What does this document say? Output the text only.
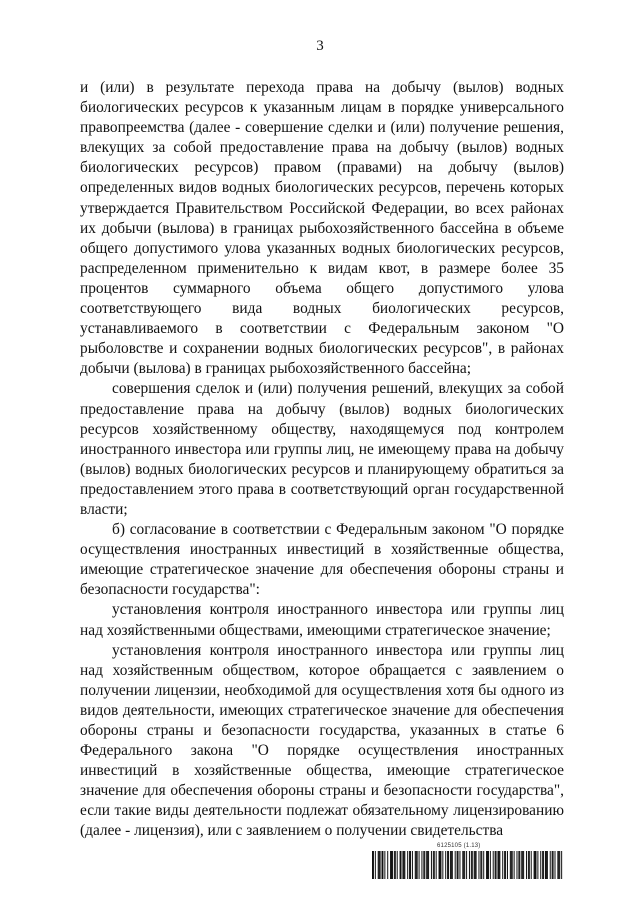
3

и (или) в результате перехода права на добычу (вылов) водных биологических ресурсов к указанным лицам в порядке универсального правопреемства (далее - совершение сделки и (или) получение решения, влекущих за собой предоставление права на добычу (вылов) водных биологических ресурсов) правом (правами) на добычу (вылов) определенных видов водных биологических ресурсов, перечень которых утверждается Правительством Российской Федерации, во всех районах их добычи (вылова) в границах рыбохозяйственного бассейна в объеме общего допустимого улова указанных водных биологических ресурсов, распределенном применительно к видам квот, в размере более 35 процентов суммарного объема общего допустимого улова соответствующего вида водных биологических ресурсов, устанавливаемого в соответствии с Федеральным законом "О рыболовстве и сохранении водных биологических ресурсов", в районах добычи (вылова) в границах рыбохозяйственного бассейна;

совершения сделок и (или) получения решений, влекущих за собой предоставление права на добычу (вылов) водных биологических ресурсов хозяйственному обществу, находящемуся под контролем иностранного инвестора или группы лиц, не имеющему права на добычу (вылов) водных биологических ресурсов и планирующему обратиться за предоставлением этого права в соответствующий орган государственной власти;

б) согласование в соответствии с Федеральным законом "О порядке осуществления иностранных инвестиций в хозяйственные общества, имеющие стратегическое значение для обеспечения обороны страны и безопасности государства":

установления контроля иностранного инвестора или группы лиц над хозяйственными обществами, имеющими стратегическое значение;

установления контроля иностранного инвестора или группы лиц над хозяйственным обществом, которое обращается с заявлением о получении лицензии, необходимой для осуществления хотя бы одного из видов деятельности, имеющих стратегическое значение для обеспечения обороны страны и безопасности государства, указанных в статье 6 Федерального закона "О порядке осуществления иностранных инвестиций в хозяйственные общества, имеющие стратегическое значение для обеспечения обороны страны и безопасности государства", если такие виды деятельности подлежат обязательному лицензированию (далее - лицензия), или с заявлением о получении свидетельства

6125105 (1.13)
